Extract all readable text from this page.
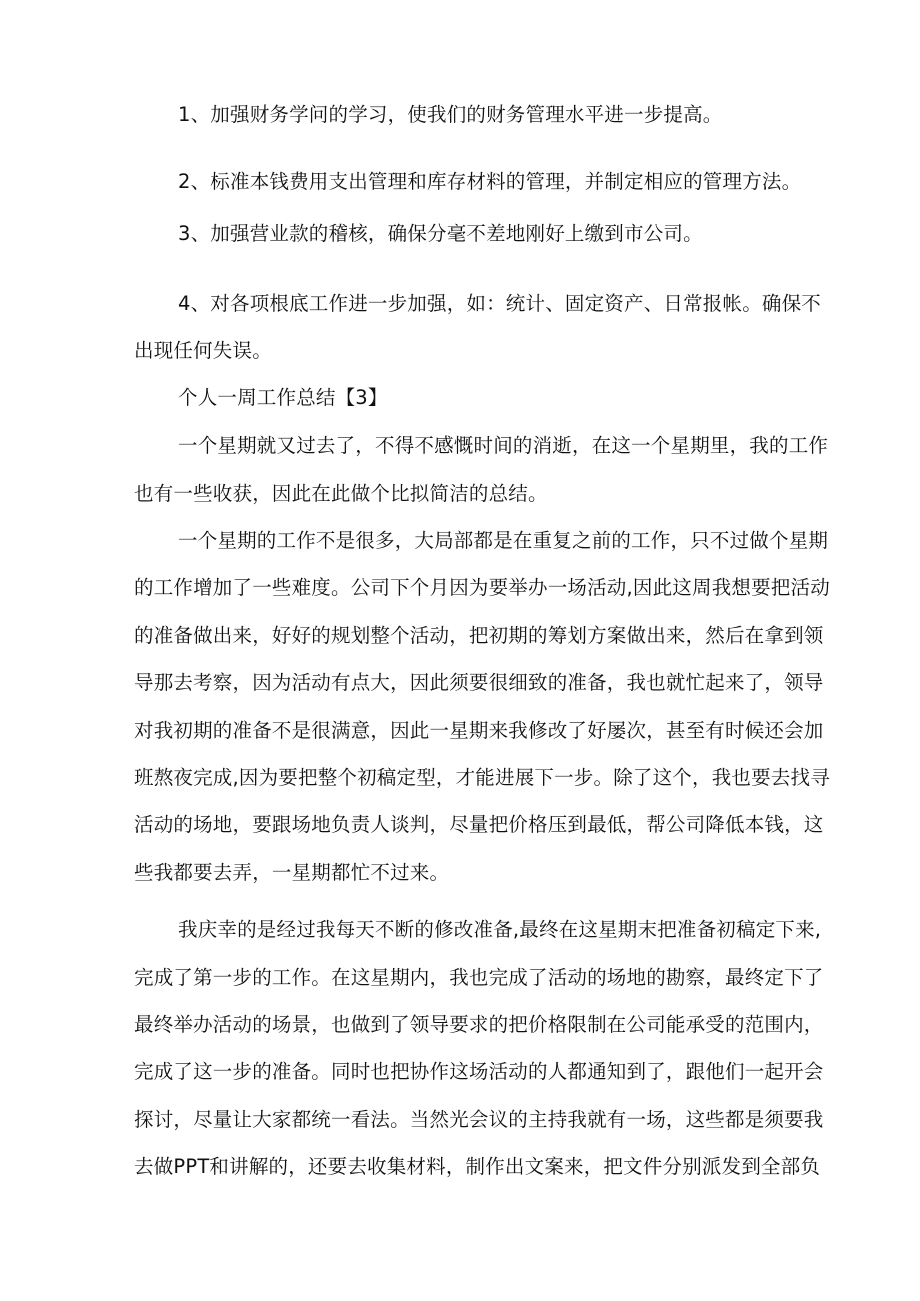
1、加强财务学问的学习，使我们的财务管理水平进一步提高。
2、标准本钱费用支出管理和库存材料的管理，并制定相应的管理方法。
3、加强营业款的稽核，确保分毫不差地刚好上缴到市公司。
4、对各项根底工作进一步加强，如：统计、固定资产、日常报帐。确保不
出现任何失误。
个人一周工作总结【3】
一个星期就又过去了，不得不感慨时间的消逝，在这一个星期里，我的工作
也有一些收获，因此在此做个比拟简洁的总结。
一个星期的工作不是很多，大局部都是在重复之前的工作，只不过做个星期
的工作增加了一些难度。公司下个月因为要举办一场活动,因此这周我想要把活动
的准备做出来，好好的规划整个活动，把初期的筹划方案做出来，然后在拿到领
导那去考察，因为活动有点大，因此须要很细致的准备，我也就忙起来了，领导
对我初期的准备不是很满意，因此一星期来我修改了好屡次，甚至有时候还会加
班熬夜完成,因为要把整个初稿定型，才能进展下一步。除了这个，我也要去找寻
活动的场地，要跟场地负责人谈判，尽量把价格压到最低，帮公司降低本钱，这
些我都要去弄，一星期都忙不过来。
我庆幸的是经过我每天不断的修改准备,最终在这星期末把准备初稿定下来,
完成了第一步的工作。在这星期内，我也完成了活动的场地的勘察，最终定下了
最终举办活动的场景，也做到了领导要求的把价格限制在公司能承受的范围内，
完成了这一步的准备。同时也把协作这场活动的人都通知到了，跟他们一起开会
探讨，尽量让大家都统一看法。当然光会议的主持我就有一场，这些都是须要我
去做PPT和讲解的，还要去收集材料，制作出文案来，把文件分别派发到全部负
